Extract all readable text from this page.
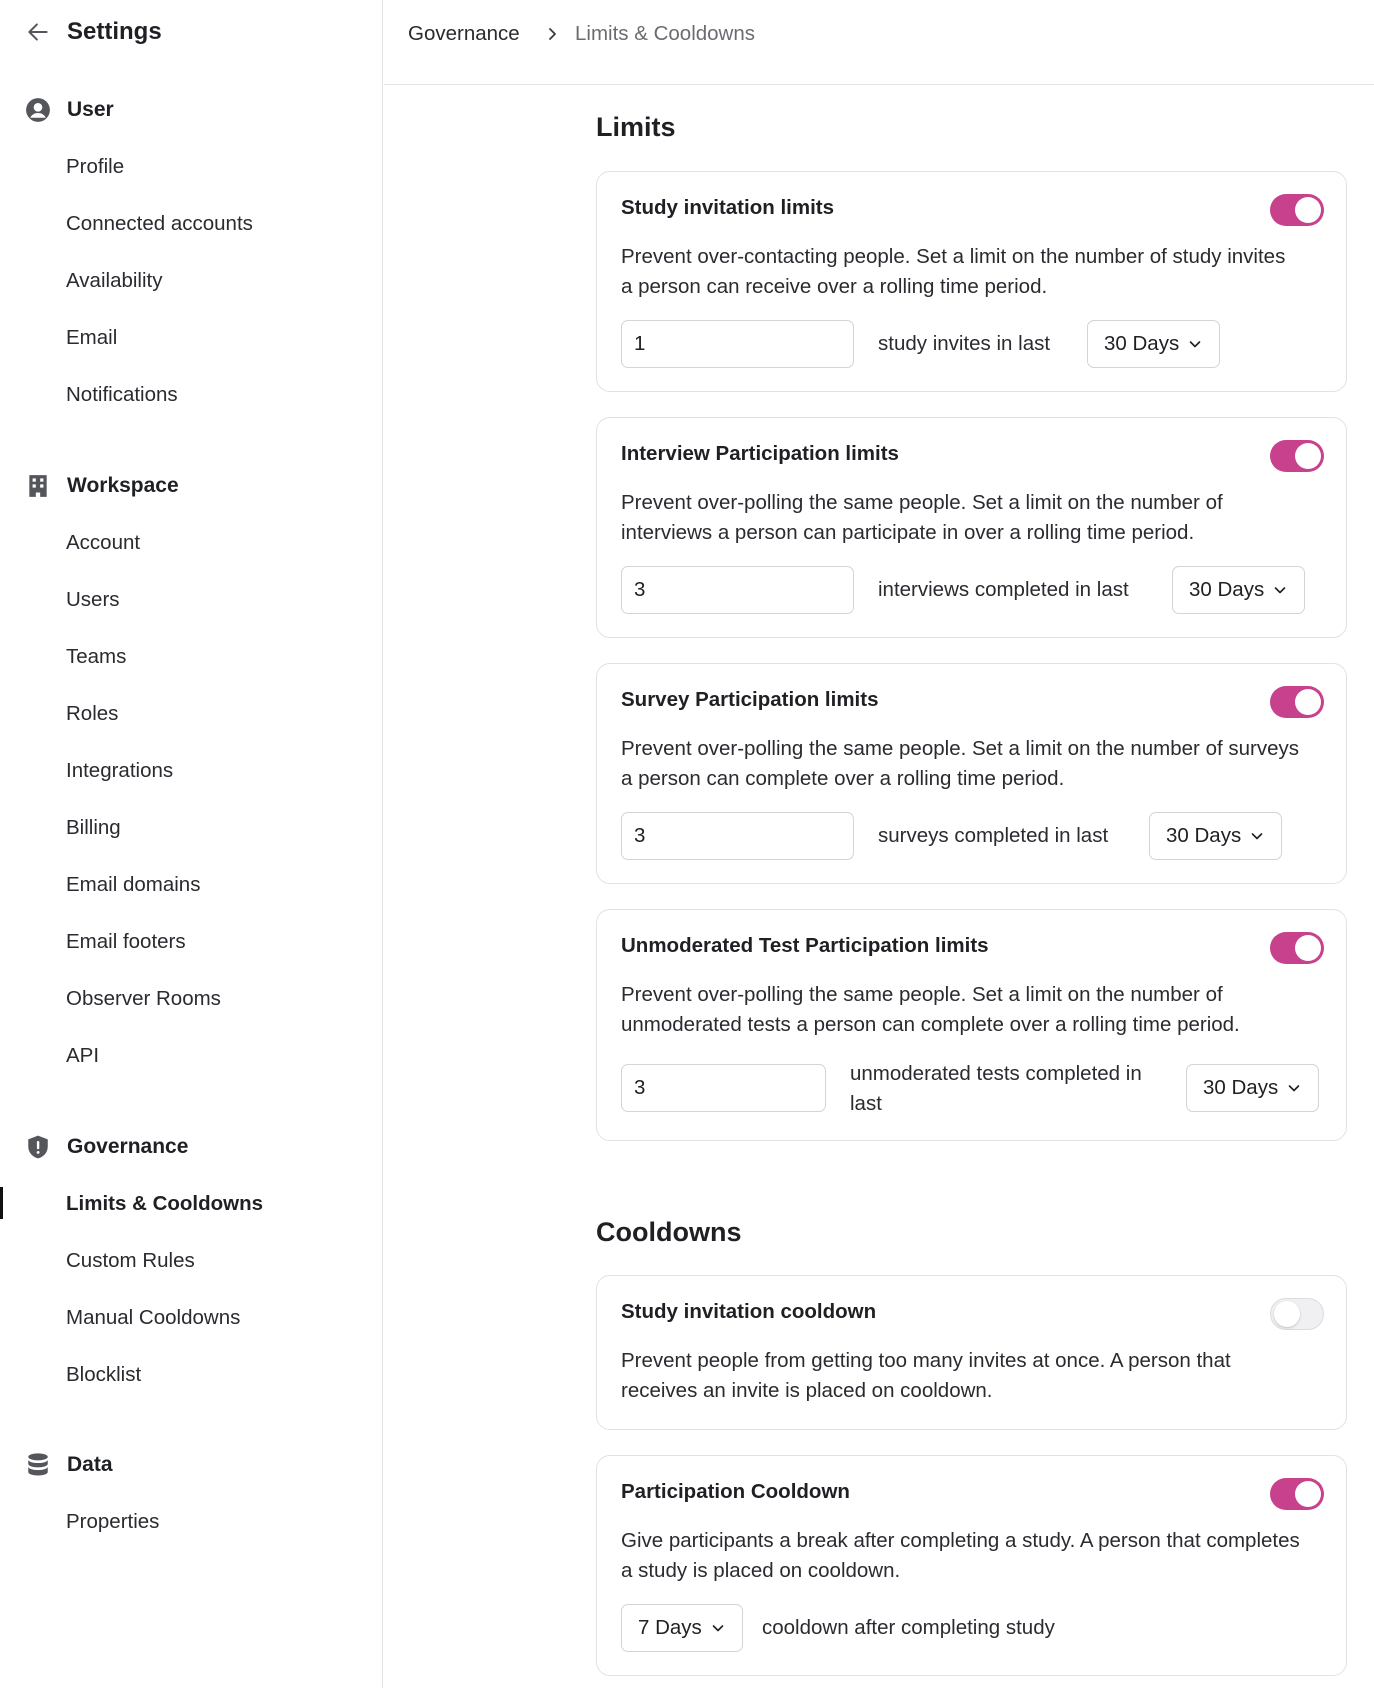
Settings
User
Profile
Connected accounts
Availability
Email
Notifications
Workspace
Account
Users
Teams
Roles
Integrations
Billing
Email domains
Email footers
Observer Rooms
API
Governance
Limits & Cooldowns
Custom Rules
Manual Cooldowns
Blocklist
Data
Properties
Governance	Limits & Cooldowns
Limits
Study invitation limits
Prevent over-contacting people. Set a limit on the number of study invites a person can receive over a rolling time period.
1
study invites in last	30 Days
Interview Participation limits
Prevent over-polling the same people. Set a limit on the number of interviews a person can participate in over a rolling time period.
3
interviews completed in last	30 Days
Survey Participation limits
Prevent over-polling the same people. Set a limit on the number of surveys a person can complete over a rolling time period.
3
surveys completed in last	30 Days
Unmoderated Test Participation limits
Prevent over-polling the same people. Set a limit on the number of unmoderated tests a person can complete over a rolling time period.
3
unmoderated tests completed in last
30 Days
Cooldowns
Study invitation cooldown
Prevent people from getting too many invites at once. A person that receives an invite is placed on cooldown.
Participation Cooldown
Give participants a break after completing a study. A person that completes a study is placed on cooldown.
7 Days	cooldown after completing study
